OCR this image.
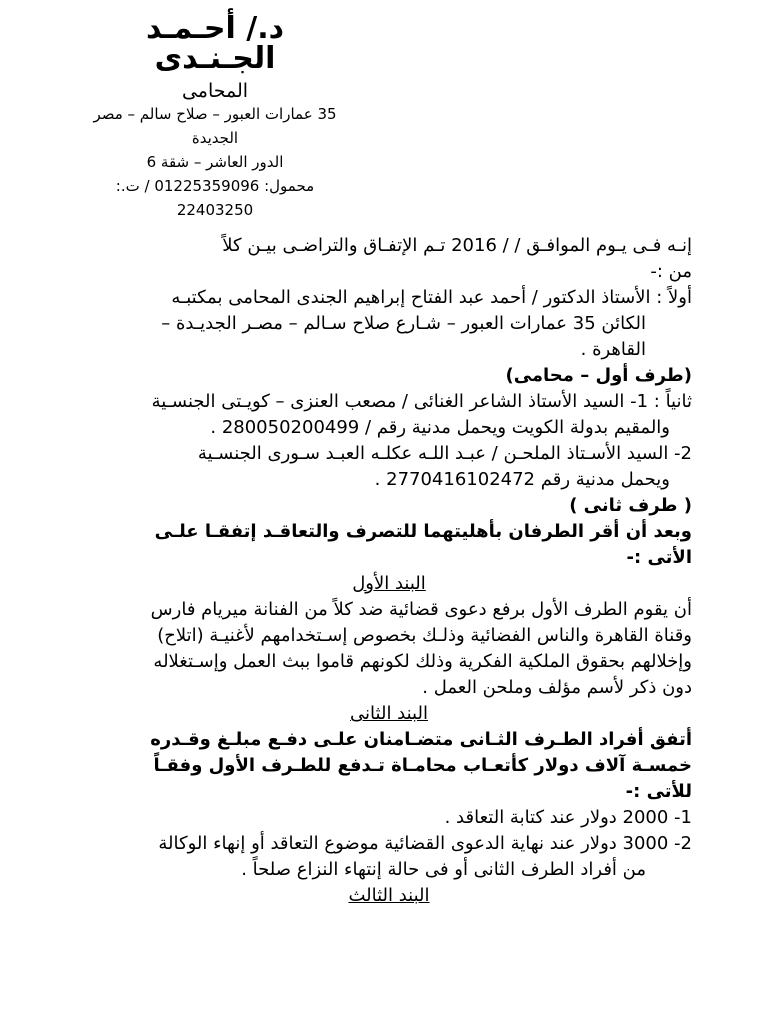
د./ أحـمـد
الجـنـدى
المحامى
35 عمارات العبور – صلاح سالم – مصر
الجديدة
الدور العاشر – شقة 6
محمول: 01225359096 / ت.:
22403250
إنـه فـى يـوم الموافـق / / 2016 تـم الإتفـاق والتراضـى بيـن كلاً
من :-
أولاً : الأستاذ الدكتور / أحمد عبد الفتاح إبراهيم الجندى المحامى بمكتبـه
الكائن 35 عمارات العبور – شـارع صلاح سـالم – مصـر الجديـدة –
القاهرة .
(طرف أول – محامى)
ثانياً : 1- السيد الأستاذ الشاعر الغنائى / مصعب العنزى – كويـتى الجنسـية
والمقيم بدولة الكويت ويحمل مدنية رقم / 280050200499 .
2- السيد الأسـتاذ الملحـن / عبـد اللـه عكلـه العبـد سـورى الجنسـية
ويحمل مدنية رقم 2770416102472 .
( طرف ثانى )
وبعد أن أقر الطرفان بأهليتهما للتصرف والتعاقـد إتفقـا علـى
الأتى :-
البند الأول
أن يقوم الطرف الأول برفع دعوى قضائية ضد كلاً من الفنانة ميريام فارس
وقناة القاهرة والناس الفضائية وذلـك بخصوص إسـتخدامهم لأغنيـة (اتلاح)
وإخلالهم بحقوق الملكية الفكرية وذلك لكونهم قاموا ببث العمل وإسـتغلاله
دون ذكر لأسم مؤلف وملحن العمل .
البند الثانى
أتفق أفراد الطـرف الثـانى متضـامنان علـى دفـع مبلـغ وقـدره
خمسـة آلاف دولار كأتعـاب محامـاة تـدفع للطـرف الأول وفقـاً
للأتى :-
1- 2000 دولار عند كتابة التعاقد .
2- 3000 دولار عند نهاية الدعوى القضائية موضوع التعاقد أو إنهاء الوكالة
من أفراد الطرف الثانى أو فى حالة إنتهاء النزاع صلحاً .
البند الثالث
